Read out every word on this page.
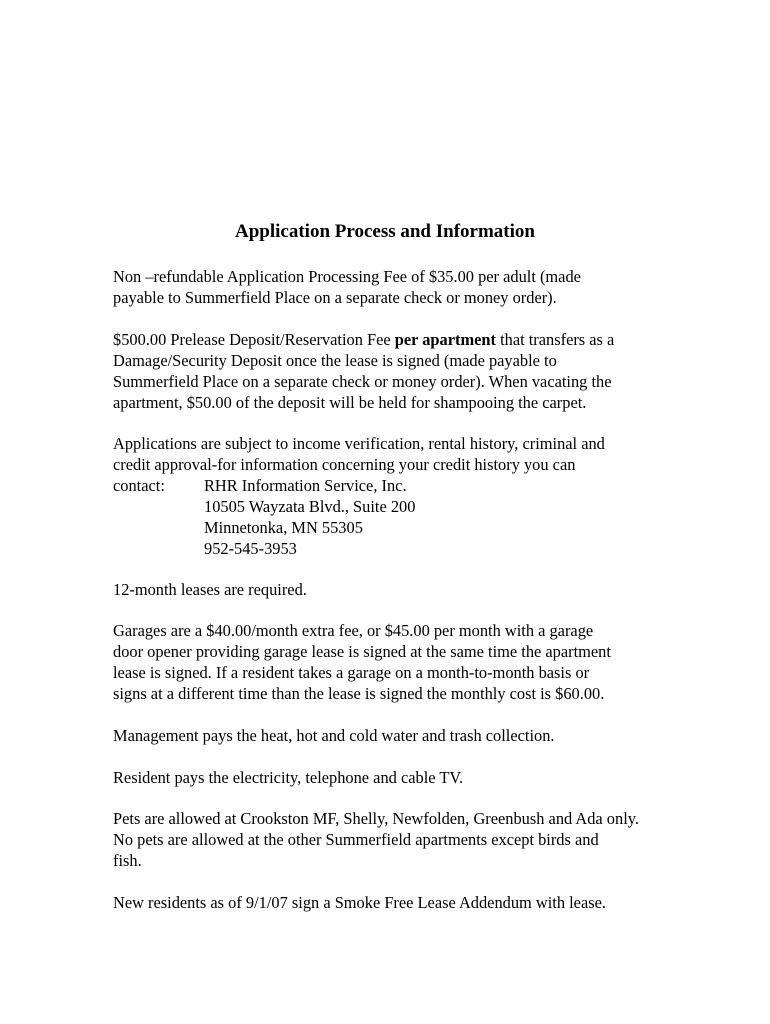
Application Process and Information

Non –refundable Application Processing Fee of $35.00 per adult (made
payable to Summerfield Place on a separate check or money order).

$500.00 Prelease Deposit/Reservation Fee per apartment that transfers as a
Damage/Security Deposit once the lease is signed (made payable to
Summerfield Place on a separate check or money order). When vacating the
apartment, $50.00 of the deposit will be held for shampooing the carpet.

Applications are subject to income verification, rental history, criminal and
credit approval-for information concerning your credit history you can
contact: RHR Information Service, Inc.
10505 Wayzata Blvd., Suite 200
Minnetonka, MN 55305
952-545-3953

12-month leases are required.

Garages are a $40.00/month extra fee, or $45.00 per month with a garage
door opener providing garage lease is signed at the same time the apartment
lease is signed. If a resident takes a garage on a month-to-month basis or
signs at a different time than the lease is signed the monthly cost is $60.00.

Management pays the heat, hot and cold water and trash collection.

Resident pays the electricity, telephone and cable TV.

Pets are allowed at Crookston MF, Shelly, Newfolden, Greenbush and Ada only.
No pets are allowed at the other Summerfield apartments except birds and
fish.

New residents as of 9/1/07 sign a Smoke Free Lease Addendum with lease.
